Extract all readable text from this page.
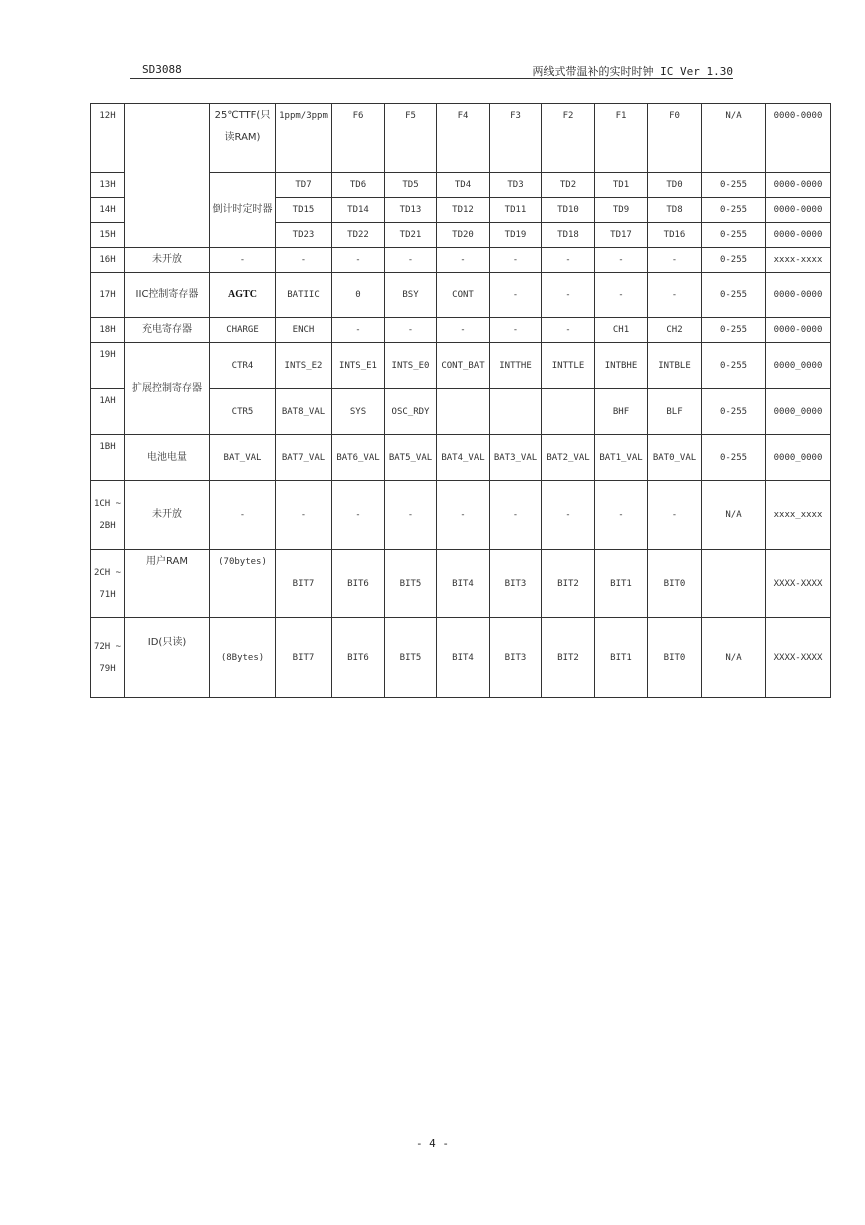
SD3088	两线式带温补的实时时钟 IC Ver 1.30
12H		25℃TTF(只读RAM)	1ppm/3ppm	F6	F5	F4	F3	F2	F1	F0	N/A	0000-0000
13H		倒计时定时器	TD7	TD6	TD5	TD4	TD3	TD2	TD1	TD0	0-255	0000-0000
14H			TD15	TD14	TD13	TD12	TD11	TD10	TD9	TD8	0-255	0000-0000
15H			TD23	TD22	TD21	TD20	TD19	TD18	TD17	TD16	0-255	0000-0000
16H	未开放	-	-	-	-	-	-	-	-	-	0-255	xxxx-xxxx
17H	IIC控制寄存器	AGTC	BATIIC	0	BSY	CONT	-	-	-	-	0-255	0000-0000
18H	充电寄存器	CHARGE	ENCH	-	-	-	-	-	CH1	CH2	0-255	0000-0000
19H	扩展控制寄存器	CTR4	INTS_E2	INTS_E1	INTS_E0	CONT_BAT	INTTHE	INTTLE	INTBHE	INTBLE	0-255	0000_0000
1AH		CTR5	BAT8_VAL	SYS	OSC_RDY				BHF	BLF	0-255	0000_0000
1BH	电池电量	BAT_VAL	BAT7_VAL	BAT6_VAL	BAT5_VAL	BAT4_VAL	BAT3_VAL	BAT2_VAL	BAT1_VAL	BAT0_VAL	0-255	0000_0000
1CH ~ 2BH	未开放	-	-	-	-	-	-	-	-	-	N/A	xxxx_xxxx
2CH ~ 71H	用户RAM	(70bytes)	BIT7	BIT6	BIT5	BIT4	BIT3	BIT2	BIT1	BIT0		XXXX-XXXX
72H ~ 79H	ID(只读)	(8Bytes)	BIT7	BIT6	BIT5	BIT4	BIT3	BIT2	BIT1	BIT0	N/A	XXXX-XXXX
- 4 -
